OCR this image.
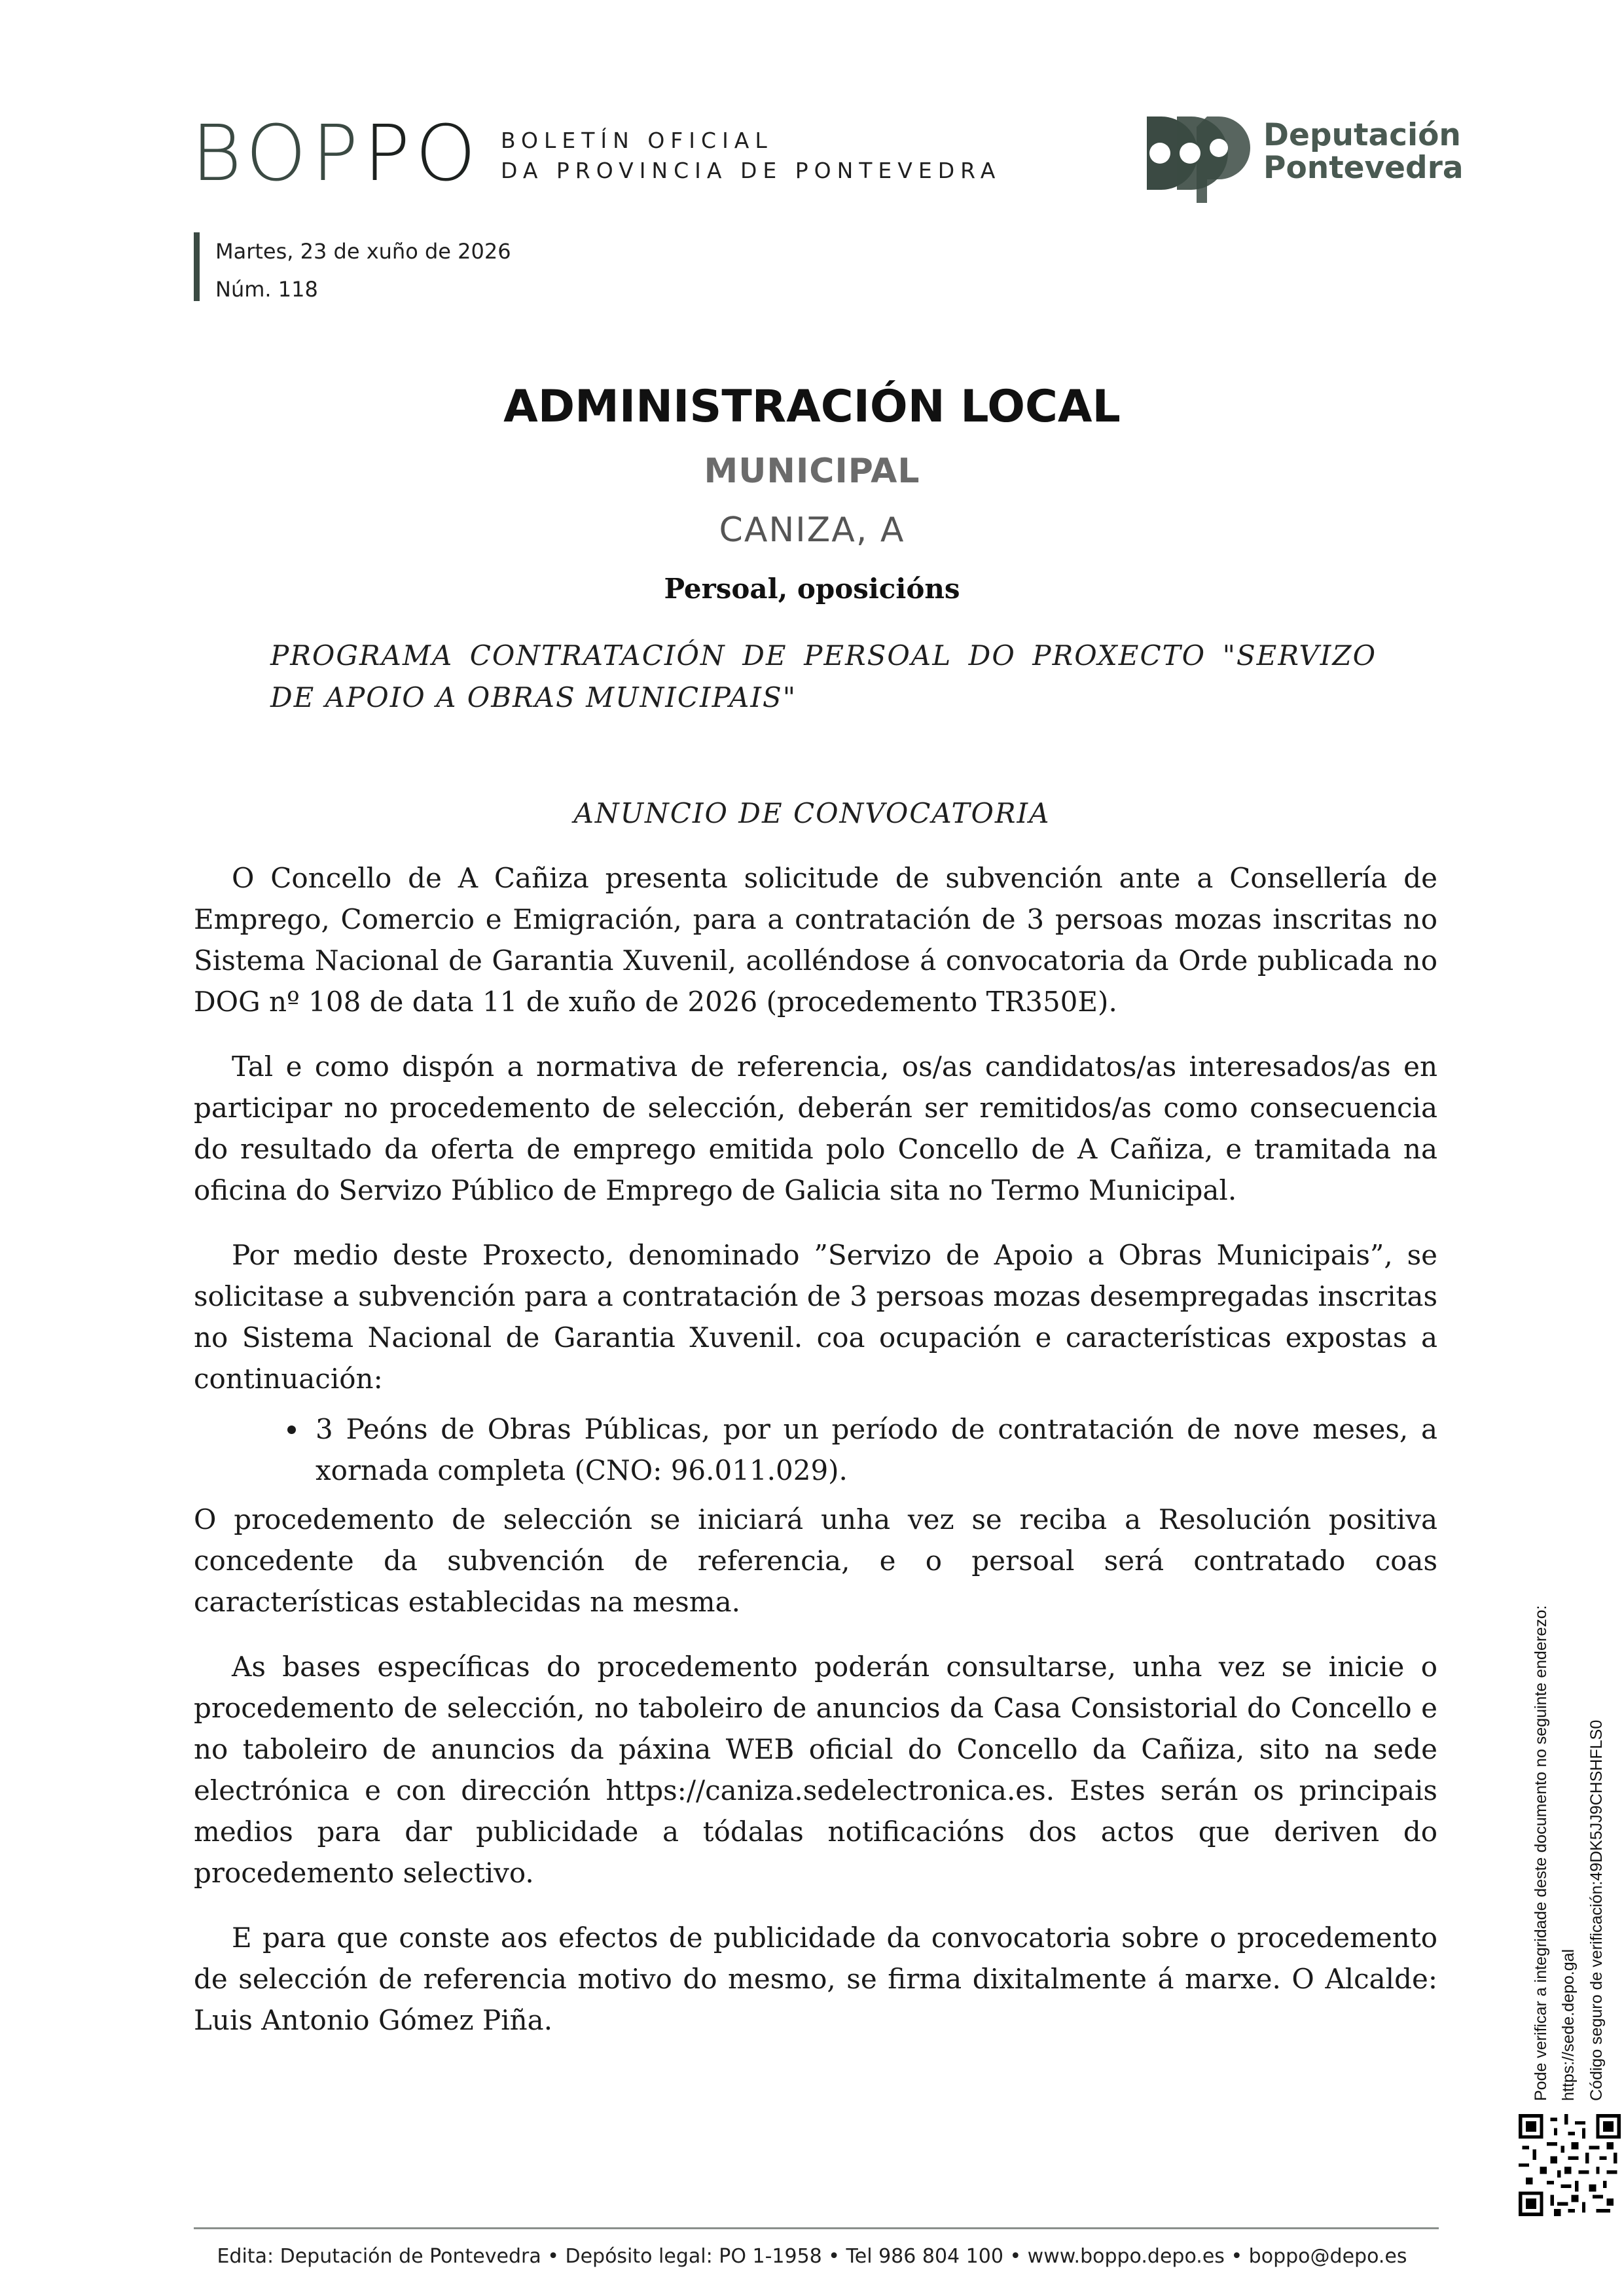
BOPPO BOLETÍN OFICIAL
DA PROVINCIA DE PONTEVEDRA
Deputación
Pontevedra
Martes, 23 de xuño de 2026
Núm. 118
ADMINISTRACIÓN LOCAL
MUNICIPAL
CANIZA, A
Persoal, oposicións
PROGRAMA CONTRATACIÓN DE PERSOAL DO PROXECTO "SERVIZO DE APOIO A OBRAS MUNICIPAIS"
ANUNCIO DE CONVOCATORIA

O Concello de A Cañiza presenta solicitude de subvención ante a Consellería de Emprego, Comercio e Emigración, para a contratación de 3 persoas mozas inscritas no Sistema Nacional de Garantia Xuvenil, acolléndose á convocatoria da Orde publicada no DOG nº 108 de data 11 de xuño de 2026 (procedemento TR350E).

Tal e como dispón a normativa de referencia, os/as candidatos/as interesados/as en participar no procedemento de selección, deberán ser remitidos/as como consecuencia do resultado da oferta de emprego emitida polo Concello de A Cañiza, e tramitada na oficina do Servizo Público de Emprego de Galicia sita no Termo Municipal.

Por medio deste Proxecto, denominado ”Servizo de Apoio a Obras Municipais”, se solicitase a subvención para a contratación de 3 persoas mozas desempregadas inscritas no Sistema Nacional de Garantia Xuvenil. coa ocupación e características expostas a continuación:

• 3 Peóns de Obras Públicas, por un período de contratación de nove meses, a xornada completa (CNO: 96.011.029).

O procedemento de selección se iniciará unha vez se reciba a Resolución positiva concedente da subvención de referencia, e o persoal será contratado coas características establecidas na mesma.

As bases específicas do procedemento poderán consultarse, unha vez se inicie o procedemento de selección, no taboleiro de anuncios da Casa Consistorial do Concello e no taboleiro de anuncios da páxina WEB oficial do Concello da Cañiza, sito na sede electrónica e con dirección https://caniza.sedelectronica.es. Estes serán os principais medios para dar publicidade a tódalas notificacións dos actos que deriven do procedemento selectivo.

E para que conste aos efectos de publicidade da convocatoria sobre o procedemento de selección de referencia motivo do mesmo, se firma dixitalmente á marxe. O Alcalde: Luis Antonio Gómez Piña.	Pode verificar a integridade deste documento no seguinte enderezo: https://sede.depo.gal Código seguro de verificación:49DK5JJ9CHSHFLS0
Edita: Deputación de Pontevedra • Depósito legal: PO 1-1958 • Tel 986 804 100 • www.boppo.depo.es • boppo@depo.es
